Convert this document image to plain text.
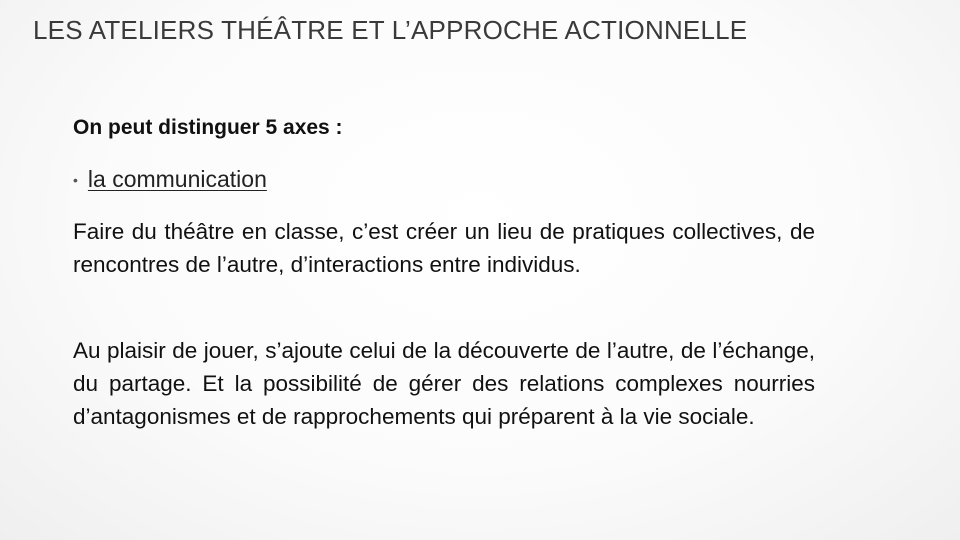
LES ATELIERS THÉÂTRE ET L’APPROCHE ACTIONNELLE
On peut distinguer 5 axes :
• la communication

Faire du théâtre en classe, c’est créer un lieu de pratiques collectives, de rencontres de l’autre, d’interactions entre individus.

Au plaisir de jouer, s’ajoute celui de la découverte de l’autre, de l’échange, du partage. Et la possibilité de gérer des relations complexes nourries d’antagonismes et de rapprochements qui préparent à la vie sociale.
